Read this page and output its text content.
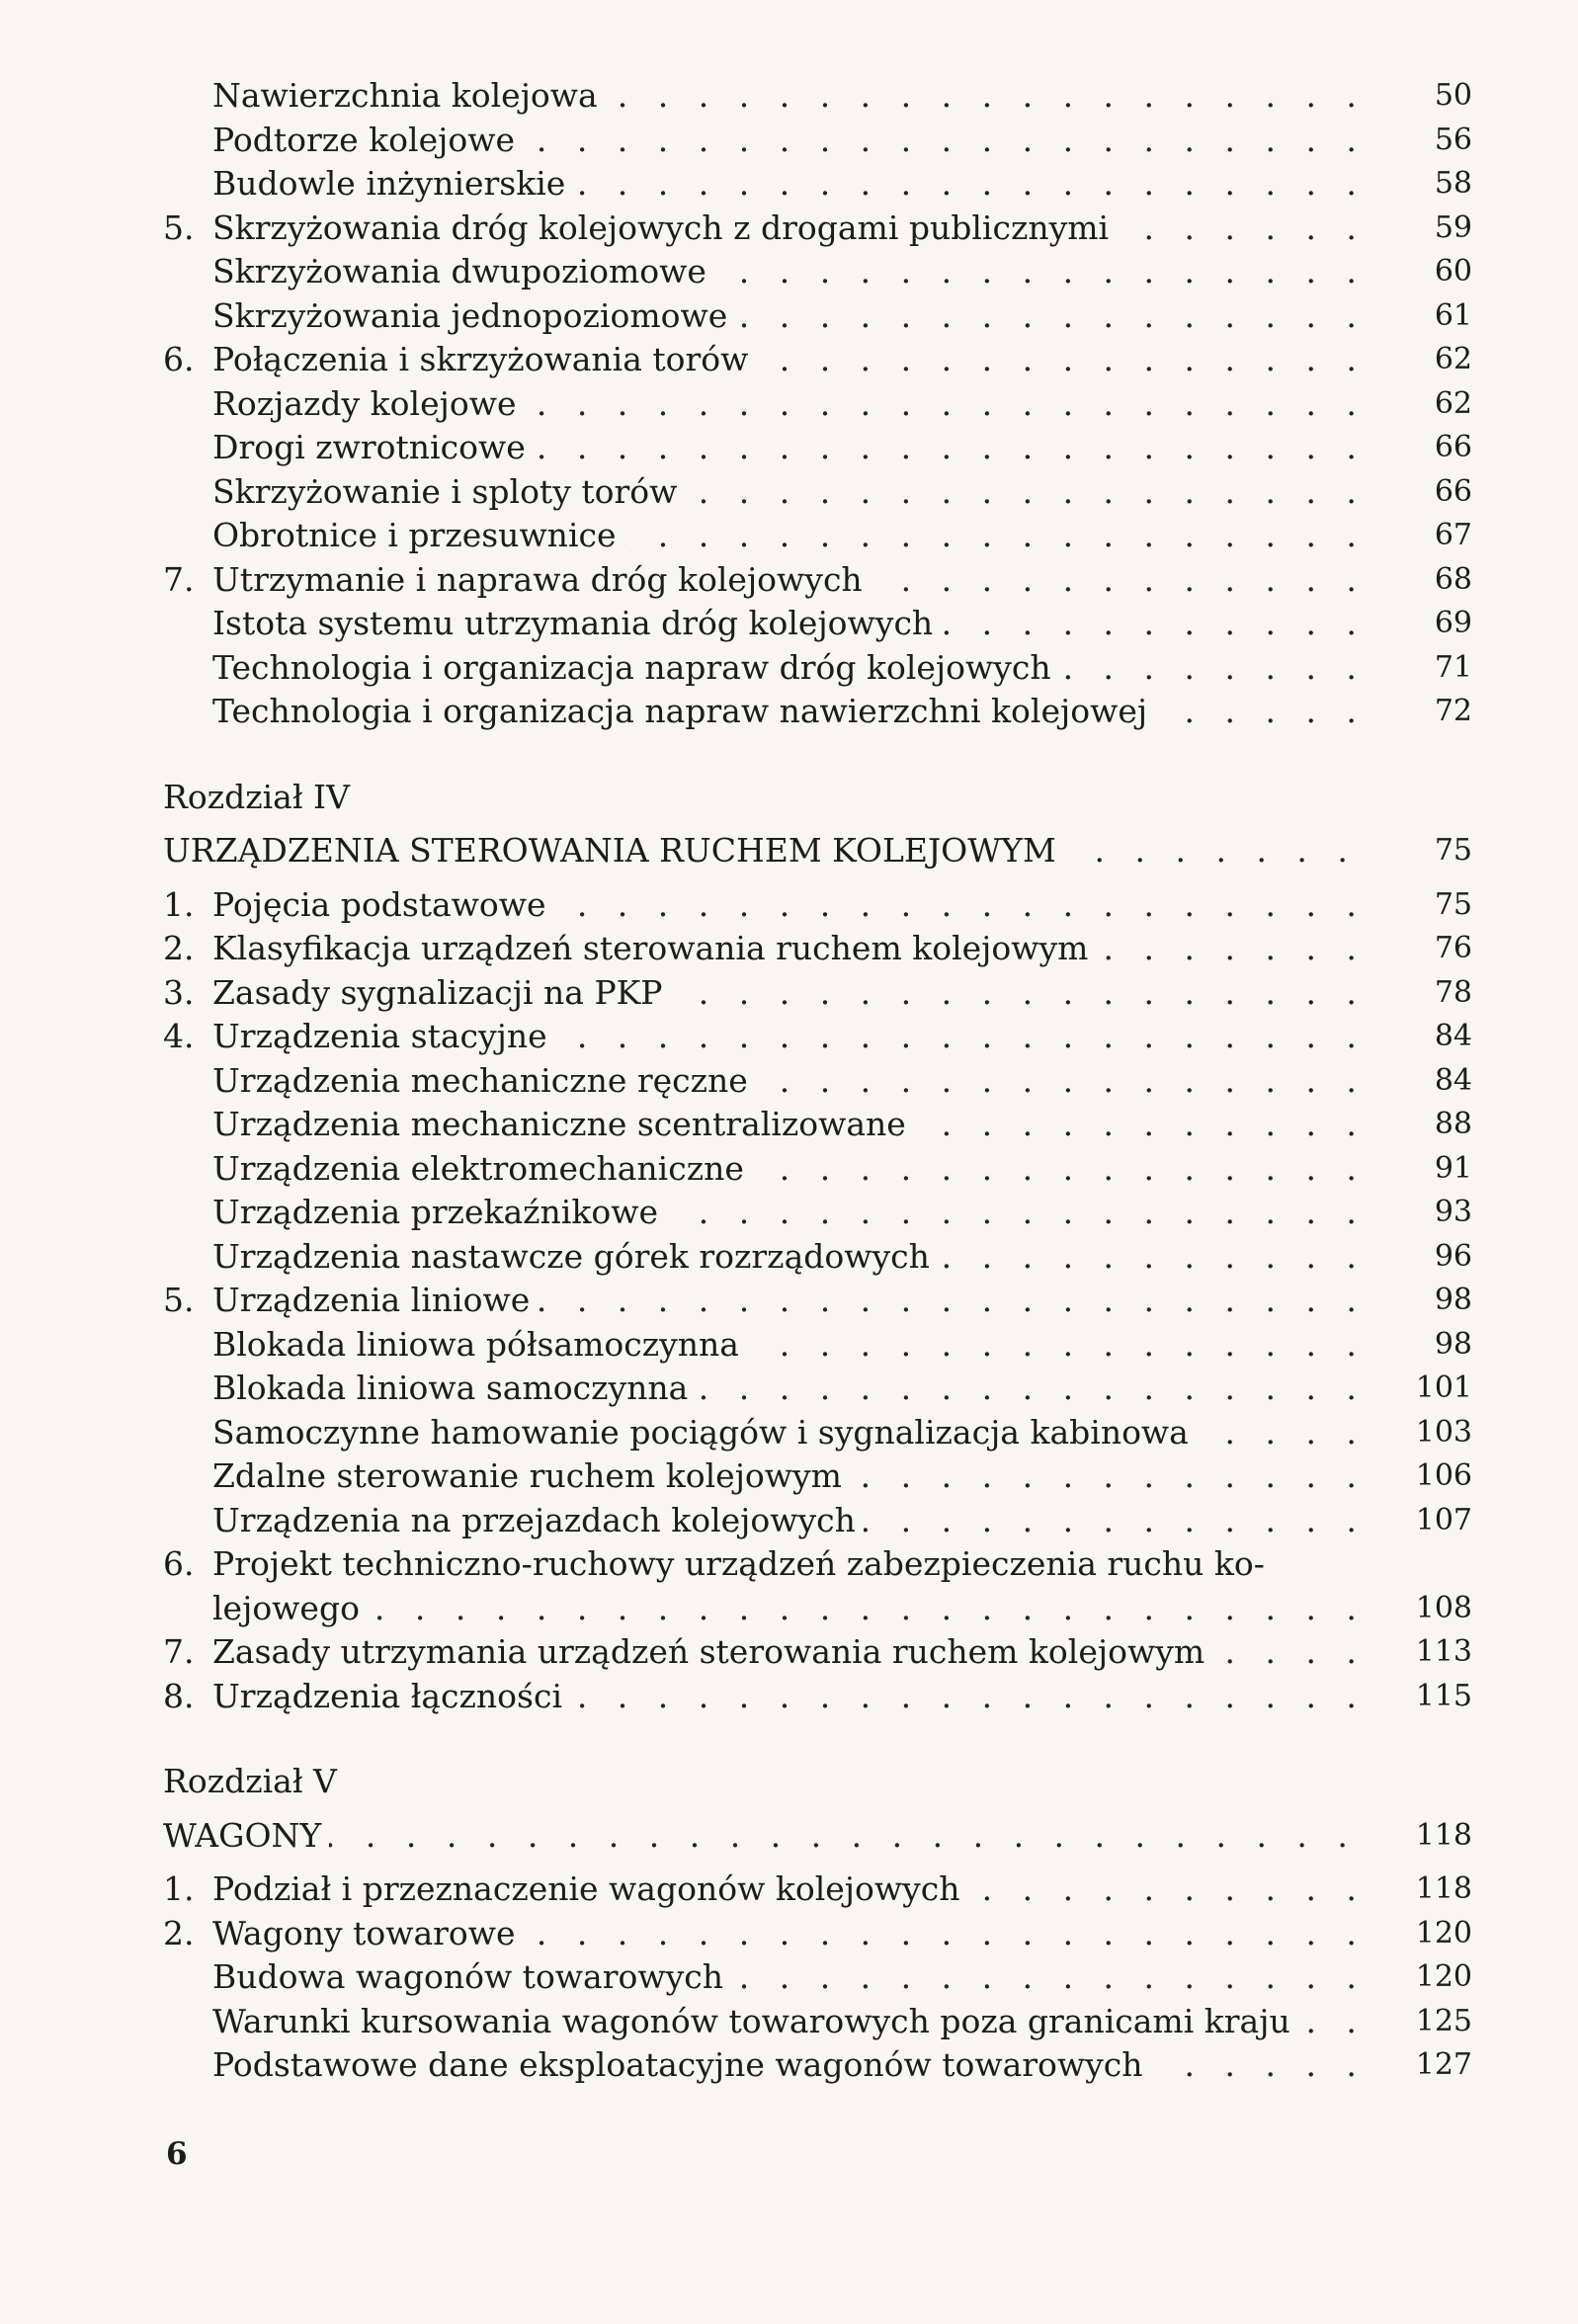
Nawierzchnia kolejowa . . .	50
Podtorze kolejowe . . .	56
Budowle inżynierskie . . .	58
5. Skrzyżowania dróg kolejowych z drogami publicznymi . . .	59
Skrzyżowania dwupoziomowe . . .	60
Skrzyżowania jednopoziomowe . . .	61
6. Połączenia i skrzyżowania torów . . .	62
Rozjazdy kolejowe . . .	62
Drogi zwrotnicowe . . .	66
Skrzyżowanie i sploty torów . . .	66
Obrotnice i przesuwnice . . .	67
7. Utrzymanie i naprawa dróg kolejowych . . .	68
Istota systemu utrzymania dróg kolejowych . . .	69
Technologia i organizacja napraw dróg kolejowych . . .	71
Technologia i organizacja napraw nawierzchni kolejowej . . .	72
Rozdział IV
URZĄDZENIA STEROWANIA RUCHEM KOLEJOWYM . . .	75
1. Pojęcia podstawowe . . .	75
2. Klasyfikacja urządzeń sterowania ruchem kolejowym . . .	76
3. Zasady sygnalizacji na PKP . . .	78
4. Urządzenia stacyjne . . .	84
Urządzenia mechaniczne ręczne . . .	84
Urządzenia mechaniczne scentralizowane . . .	88
Urządzenia elektromechaniczne . . .	91
Urządzenia przekaźnikowe . . .	93
Urządzenia nastawcze górek rozrządowych . . .	96
5. Urządzenia liniowe . . .	98
Blokada liniowa półsamoczynna . . .	98
Blokada liniowa samoczynna . . .	101
Samoczynne hamowanie pociągów i sygnalizacja kabinowa . . .	103
Zdalne sterowanie ruchem kolejowym . . .	106
Urządzenia na przejazdach kolejowych . . .	107
6. Projekt techniczno-ruchowy urządzeń zabezpieczenia ruchu ko-
lejowego . . .	108
7. Zasady utrzymania urządzeń sterowania ruchem kolejowym . . .	113
8. Urządzenia łączności . . .	115
Rozdział V
WAGONY . . .	118
1. Podział i przeznaczenie wagonów kolejowych . . .	118
2. Wagony towarowe . . .	120
Budowa wagonów towarowych . . .	120
Warunki kursowania wagonów towarowych poza granicami kraju . . .	125
Podstawowe dane eksploatacyjne wagonów towarowych . . .	127
6
